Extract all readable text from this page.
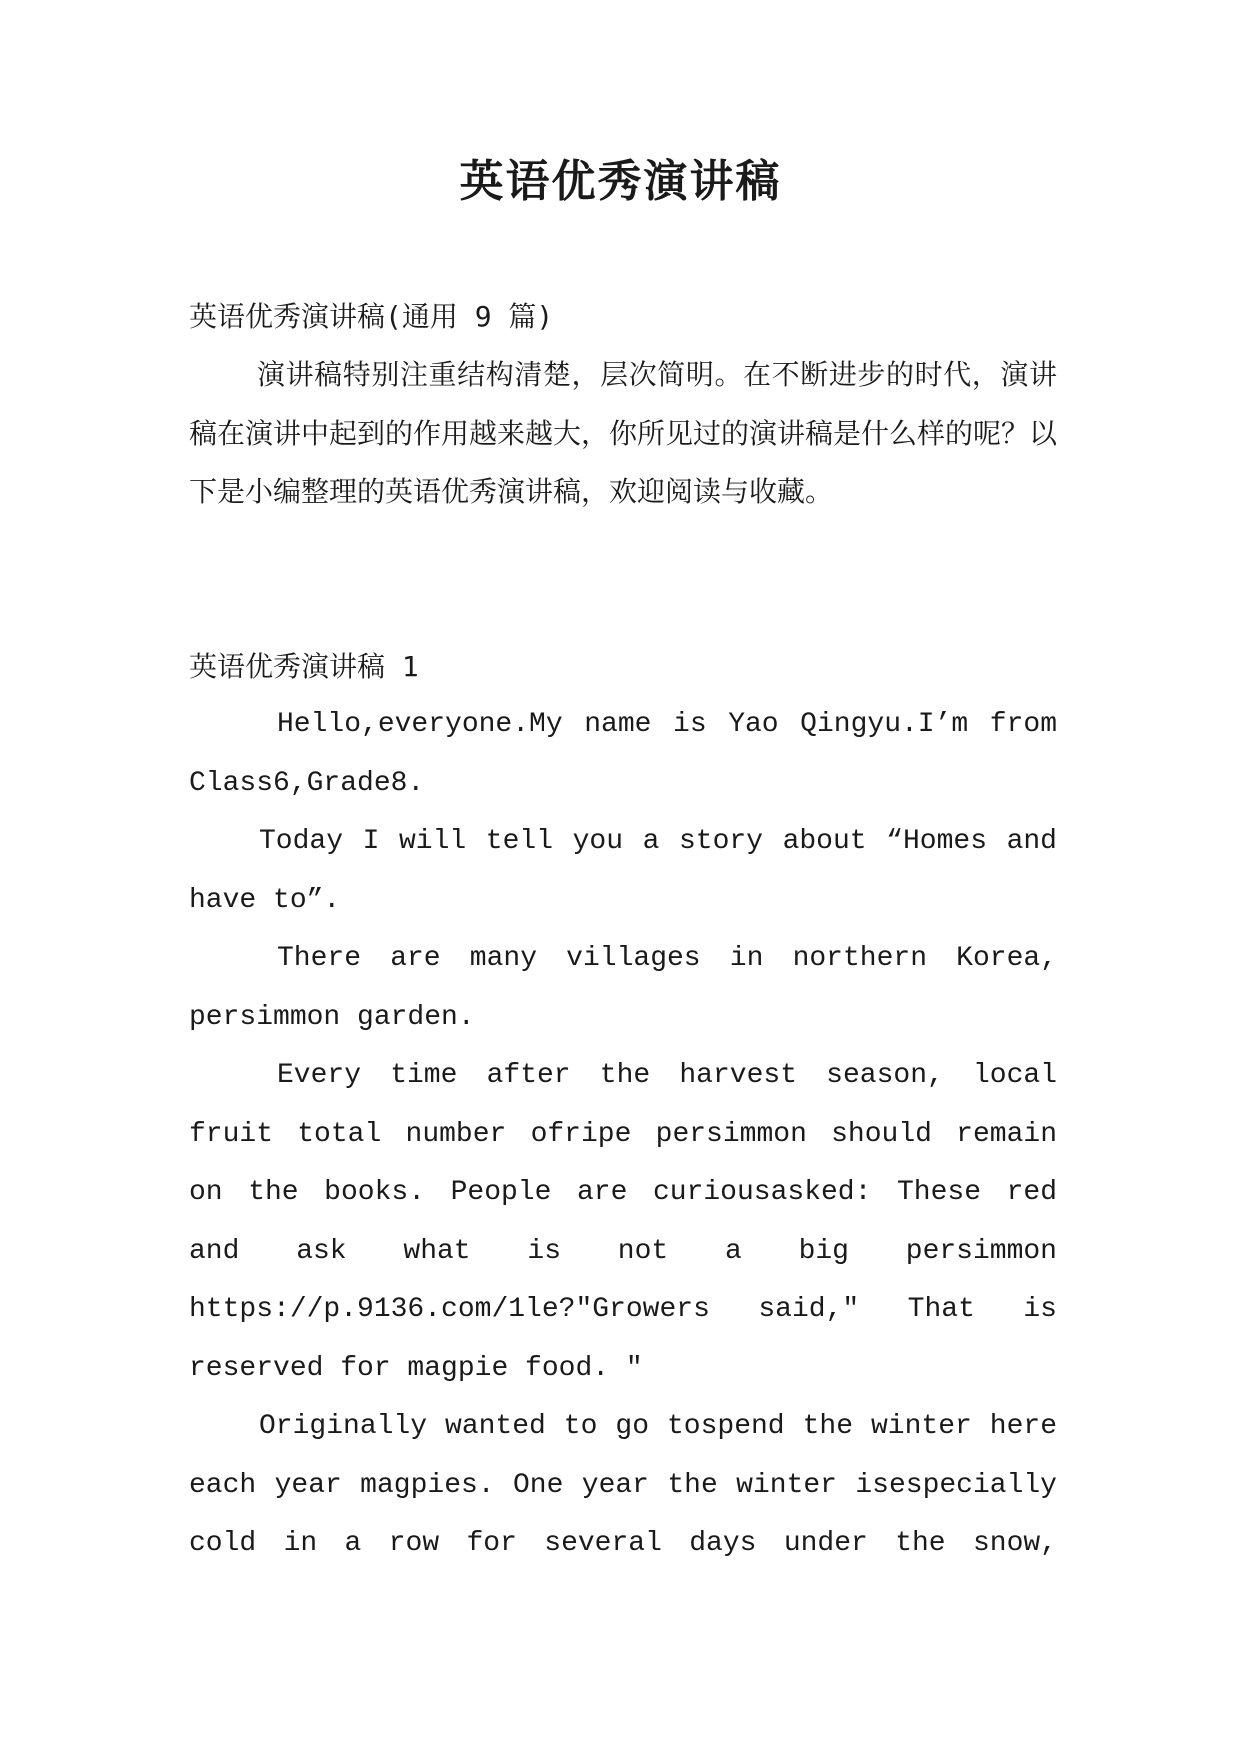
英语优秀演讲稿

英语优秀演讲稿(通用 9 篇)

演讲稿特别注重结构清楚，层次简明。在不断进步的时代，演讲稿在演讲中起到的作用越来越大，你所见过的演讲稿是什么样的呢？以下是小编整理的英语优秀演讲稿，欢迎阅读与收藏。

英语优秀演讲稿 1

Hello,everyone.My name is Yao Qingyu.I’m from Class6,Grade8.

Today I will tell you a story about “Homes and have to”.

There are many villages in northern Korea, persimmon garden.

Every time after the harvest season, local fruit total number ofripe persimmon should remain on the books. People are curiousasked: These red and ask what is not a big persimmon https://p.9136.com/1le?"Growers said," That is reserved for magpie food. "

Originally wanted to go tospend the winter here each year magpies. One year the winter isespecially cold in a row for several days under the snow,
